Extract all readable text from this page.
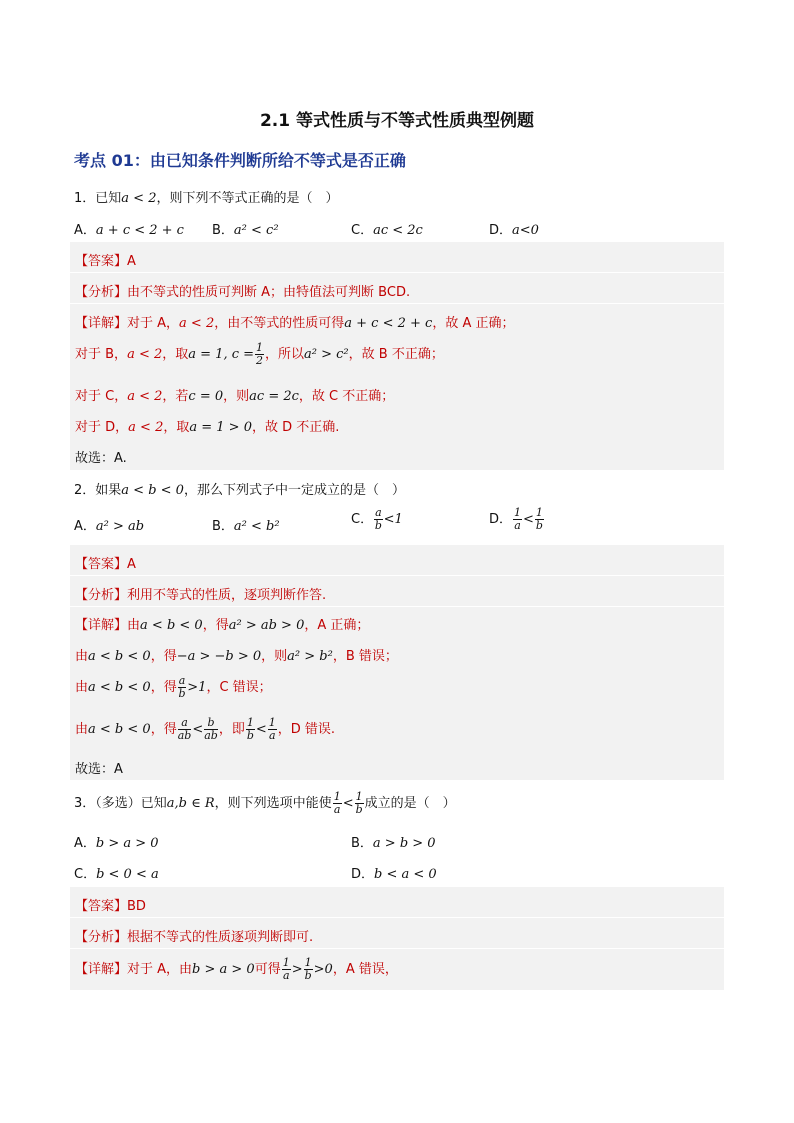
2.1 等式性质与不等式性质典型例题
考点 01：由已知条件判断所给不等式是否正确
1．已知a < 2，则下列不等式正确的是（　）
A．a + c < 2 + c B．a² < c²	C．ac < 2c	D．a<0
【答案】A
【分析】由不等式的性质可判断 A；由特值法可判断 BCD.
【详解】对于 A，a < 2，由不等式的性质可得a + c < 2 + c，故 A 正确；
对于 B，a < 2，取a = 1, $c = \frac{1}{2}$ ，所以a² > c²，故 B 不正确；
对于 C，a < 2，若c = 0，则ac = 2c，故 C 不正确；
对于 D，a < 2，取a = 1 > 0，故 D 不正确.
故选：A.
2．如果a < b < 0，那么下列式子中一定成立的是（　）
A．a² > ab	B．a² < b²	C． $\frac{a}{b} <1$	D． $\frac{1}{a} < \frac{1}{b}$
【答案】A
【分析】利用不等式的性质，逐项判断作答.
【详解】由a < b < 0，得a² > ab > 0，A 正确；
由a < b < 0，得−a > −b > 0，则a² > b²，B 错误；
由a < b < 0，得 $\frac{a}{b} >1$，C 错误；
由a < b < 0，得 $\frac{a}{ab} < \frac{b}{ab}$ ，即 $\frac{1}{b} < \frac{1}{a}$ ，D 错误.
故选：A
3．（多选）已知a,b ∈ R，则下列选项中能使 $\frac{1}{a} < \frac{1}{b}$ 成立的是（　）
A．b > a > 0	B．a > b > 0
C．b < 0 < a	D．b < a < 0
【答案】BD
【分析】根据不等式的性质逐项判断即可.
【详解】对于 A，由b > a > 0可得 $\frac{1}{a} > \frac{1}{b} >0$，A 错误，
